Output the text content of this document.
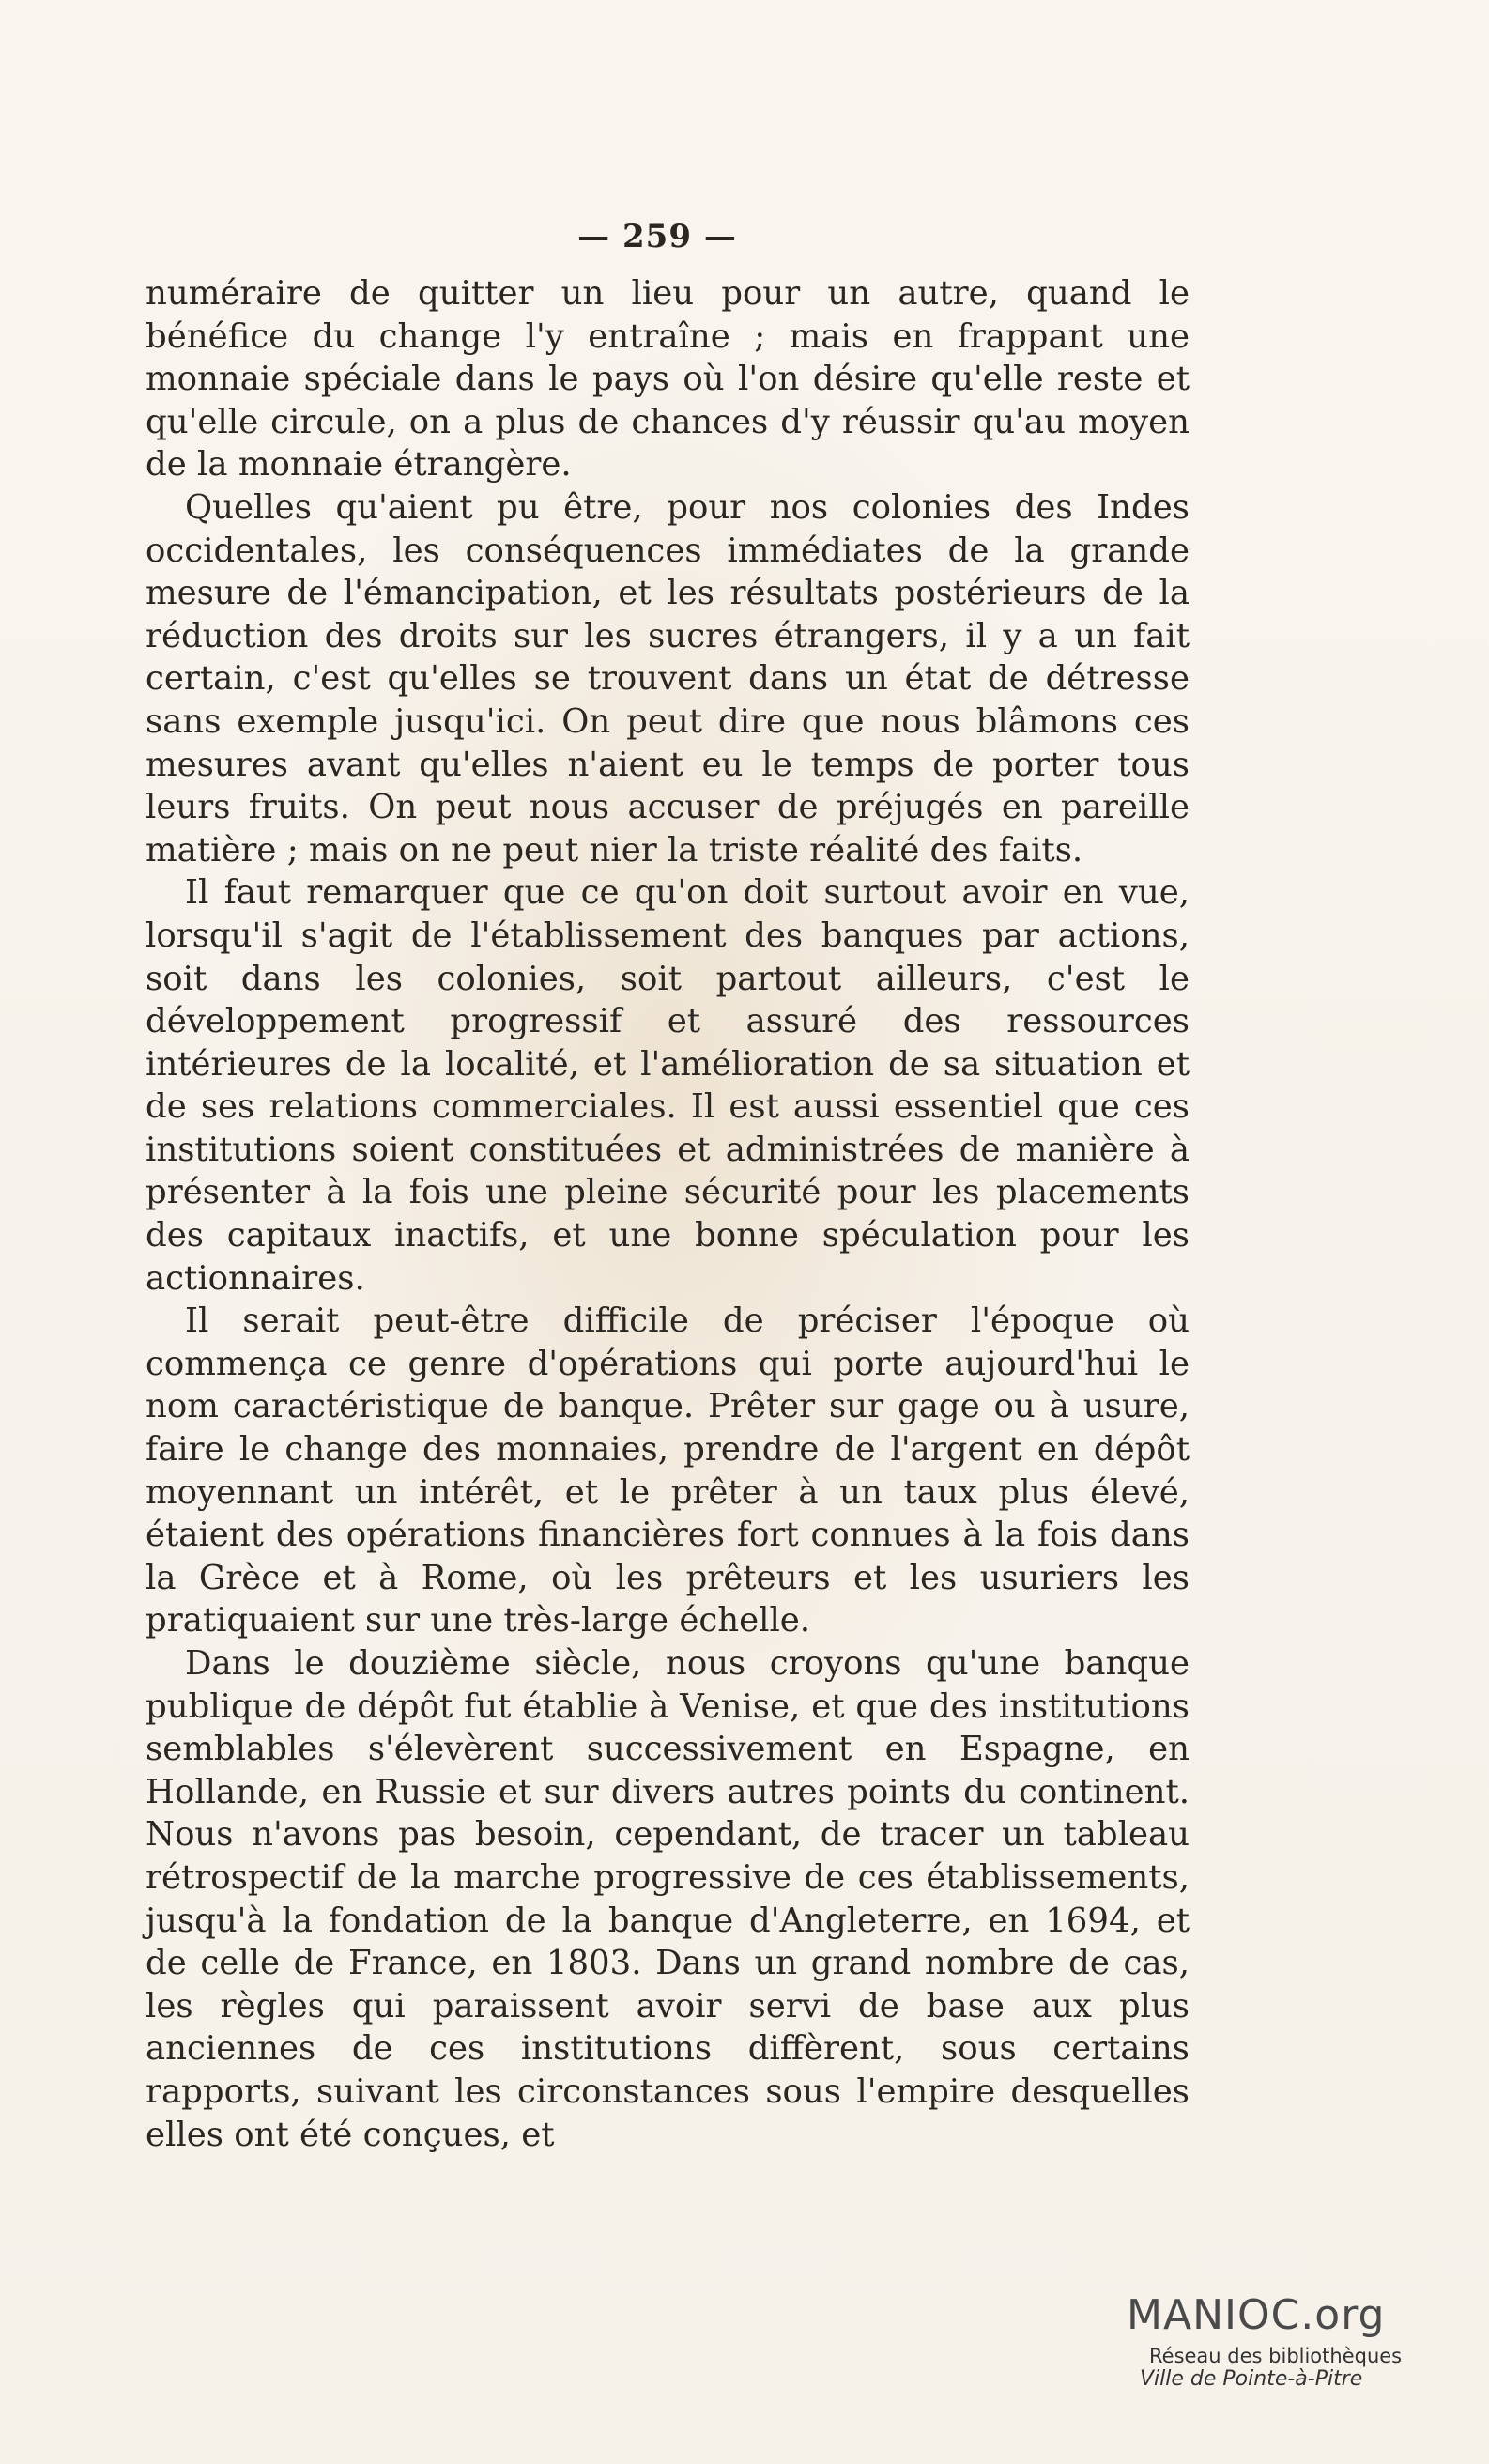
— 259 —

numéraire de quitter un lieu pour un autre, quand le bénéfice du change l'y entraîne ; mais en frappant une monnaie spéciale dans le pays où l'on désire qu'elle reste et qu'elle circule, on a plus de chances d'y réussir qu'au moyen de la monnaie étrangère.

Quelles qu'aient pu être, pour nos colonies des Indes occidentales, les conséquences immédiates de la grande mesure de l'émancipation, et les résultats postérieurs de la réduction des droits sur les sucres étrangers, il y a un fait certain, c'est qu'elles se trouvent dans un état de détresse sans exemple jusqu'ici. On peut dire que nous blâmons ces mesures avant qu'elles n'aient eu le temps de porter tous leurs fruits. On peut nous accuser de préjugés en pareille matière ; mais on ne peut nier la triste réalité des faits.

Il faut remarquer que ce qu'on doit surtout avoir en vue, lorsqu'il s'agit de l'établissement des banques par actions, soit dans les colonies, soit partout ailleurs, c'est le développement progressif et assuré des ressources intérieures de la localité, et l'amélioration de sa situation et de ses relations commerciales. Il est aussi essentiel que ces institutions soient constituées et administrées de manière à présenter à la fois une pleine sécurité pour les placements des capitaux inactifs, et une bonne spéculation pour les actionnaires.

Il serait peut-être difficile de préciser l'époque où commença ce genre d'opérations qui porte aujourd'hui le nom caractéristique de banque. Prêter sur gage ou à usure, faire le change des monnaies, prendre de l'argent en dépôt moyennant un intérêt, et le prêter à un taux plus élevé, étaient des opérations financières fort connues à la fois dans la Grèce et à Rome, où les prêteurs et les usuriers les pratiquaient sur une très-large échelle.

Dans le douzième siècle, nous croyons qu'une banque publique de dépôt fut établie à Venise, et que des institutions semblables s'élevèrent successivement en Espagne, en Hollande, en Russie et sur divers autres points du continent. Nous n'avons pas besoin, cependant, de tracer un tableau rétrospectif de la marche progressive de ces établissements, jusqu'à la fondation de la banque d'Angleterre, en 1694, et de celle de France, en 1803. Dans un grand nombre de cas, les règles qui paraissent avoir servi de base aux plus anciennes de ces institutions diffèrent, sous certains rapports, suivant les circonstances sous l'empire desquelles elles ont été conçues, et

MANIOC.org
Réseau des bibliothèques
Ville de Pointe-à-Pitre
